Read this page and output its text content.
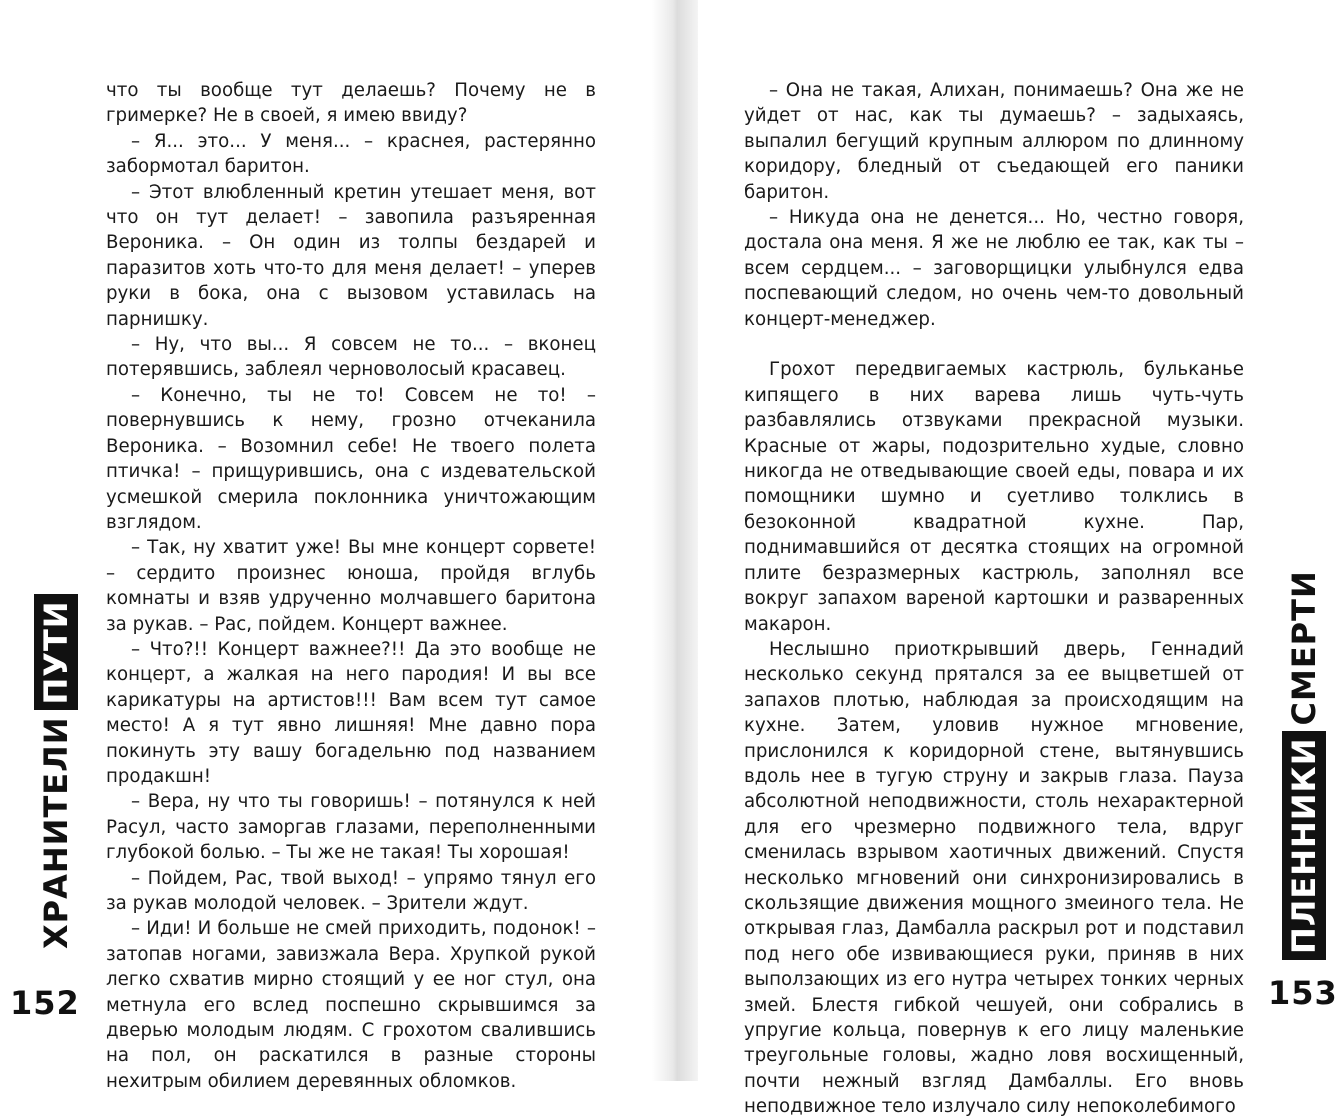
что ты вообще тут делаешь? Почему не в гримерке? Не в своей, я имею ввиду?

– Я... это... У меня... – краснея, растерянно забормотал баритон.

– Этот влюбленный кретин утешает меня, вот что он тут делает! – завопила разъяренная Вероника. – Он один из толпы бездарей и паразитов хоть что-то для меня делает! – уперев руки в бока, она с вызовом уставилась на парнишку.

– Ну, что вы... Я совсем не то... – вконец потерявшись, заблеял черноволосый красавец.

– Конечно, ты не то! Совсем не то! – повернувшись к нему, грозно отчеканила Вероника. – Возомнил себе! Не твоего полета птичка! – прищурившись, она с издевательской усмешкой смерила поклонника уничтожающим взглядом.

– Так, ну хватит уже! Вы мне концерт сорвете! – сердито произнес юноша, пройдя вглубь комнаты и взяв удрученно молчавшего баритона за рукав. – Рас, пойдем. Концерт важнее.

– Что?!! Концерт важнее?!! Да это вообще не концерт, а жалкая на него пародия! И вы все карикатуры на артистов!!! Вам всем тут самое место! А я тут явно лишняя! Мне давно пора покинуть эту вашу богадельню под названием продакшн!

– Вера, ну что ты говоришь! – потянулся к ней Расул, часто заморгав глазами, переполненными глубокой болью. – Ты же не такая! Ты хорошая!

– Пойдем, Рас, твой выход! – упрямо тянул его за рукав молодой человек. – Зрители ждут.

– Иди! И больше не смей приходить, подонок! – затопав ногами, завизжала Вера. Хрупкой рукой легко схватив мирно стоящий у ее ног стул, она метнула его вслед поспешно скрывшимся за дверью молодым людям. С грохотом свалившись на пол, он раскатился в разные стороны нехитрым обилием деревянных обломков.

ХРАНИТЕЛИ
ПУТИ
152

– Она не такая, Алихан, понимаешь? Она же не уйдет от нас, как ты думаешь? – задыхаясь, выпалил бегущий крупным аллюром по длинному коридору, бледный от съедающей его паники баритон.

– Никуда она не денется... Но, честно говоря, достала она меня. Я же не люблю ее так, как ты – всем сердцем... – заговорщицки улыбнулся едва поспевающий следом, но очень чем-то довольный концерт-менеджер.

Грохот передвигаемых кастрюль, бульканье кипящего в них варева лишь чуть-чуть разбавлялись отзвуками прекрасной музыки. Красные от жары, подозрительно худые, словно никогда не отведывающие своей еды, повара и их помощники шумно и суетливо толклись в безоконной квадратной кухне. Пар, поднимавшийся от десятка стоящих на огромной плите безразмерных кастрюль, заполнял все вокруг запахом вареной картошки и разваренных макарон.

Неслышно приоткрывший дверь, Геннадий несколько секунд прятался за ее выцветшей от запахов плотью, наблюдая за происходящим на кухне. Затем, уловив нужное мгновение, прислонился к коридорной стене, вытянувшись вдоль нее в тугую струну и закрыв глаза. Пауза абсолютной неподвижности, столь нехарактерной для его чрезмерно подвижного тела, вдруг сменилась взрывом хаотичных движений. Спустя несколько мгновений они синхронизировались в скользящие движения мощного змеиного тела. Не открывая глаз, Дамбалла раскрыл рот и подставил под него обе извивающиеся руки, приняв в них выползающих из его нутра четырех тонких черных змей. Блестя гибкой чешуей, они собрались в упругие кольца, повернув к его лицу маленькие треугольные головы, жадно ловя восхищенный, почти нежный взгляд Дамбаллы. Его вновь неподвижное тело излучало силу непоколебимого

ПЛЕННИКИ
СМЕРТИ
153
